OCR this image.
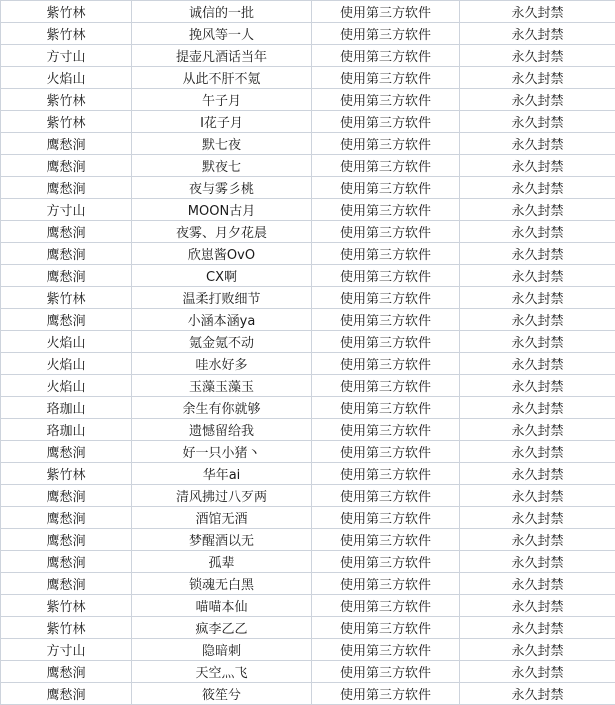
紫竹林	诚信的一批	使用第三方软件	永久封禁
紫竹林	挽风等一人	使用第三方软件	永久封禁
方寸山	提壶凡酒话当年	使用第三方软件	永久封禁
火焰山	从此不肝不氪	使用第三方软件	永久封禁
紫竹林	午子月	使用第三方软件	永久封禁
紫竹林	I花子月	使用第三方软件	永久封禁
鹰愁涧	默七夜	使用第三方软件	永久封禁
鹰愁涧	默夜七	使用第三方软件	永久封禁
鹰愁涧	夜与雾彡桃	使用第三方软件	永久封禁
方寸山	MOON古月	使用第三方软件	永久封禁
鹰愁涧	夜雾、月夕花晨	使用第三方软件	永久封禁
鹰愁涧	欣崽酱OvO	使用第三方软件	永久封禁
鹰愁涧	CX啊	使用第三方软件	永久封禁
紫竹林	温柔打败细节	使用第三方软件	永久封禁
鹰愁涧	小涵本涵ya	使用第三方软件	永久封禁
火焰山	氪金氪不动	使用第三方软件	永久封禁
火焰山	哇水好多	使用第三方软件	永久封禁
火焰山	玉藻玉藻玉	使用第三方软件	永久封禁
珞珈山	余生有你就够	使用第三方软件	永久封禁
珞珈山	遗憾留给我	使用第三方软件	永久封禁
鹰愁涧	好一只小猪丶	使用第三方软件	永久封禁
紫竹林	华年ai	使用第三方软件	永久封禁
鹰愁涧	清风拂过八歹两	使用第三方软件	永久封禁
鹰愁涧	酒馆无酒	使用第三方软件	永久封禁
鹰愁涧	梦醒酒以无	使用第三方软件	永久封禁
鹰愁涧	孤辈	使用第三方软件	永久封禁
鹰愁涧	锁魂无白黑	使用第三方软件	永久封禁
紫竹林	喵喵本仙	使用第三方软件	永久封禁
紫竹林	疯李乙乙	使用第三方软件	永久封禁
方寸山	隐暗刺	使用第三方软件	永久封禁
鹰愁涧	天空灬飞	使用第三方软件	永久封禁
鹰愁涧	筱笙兮	使用第三方软件	永久封禁
